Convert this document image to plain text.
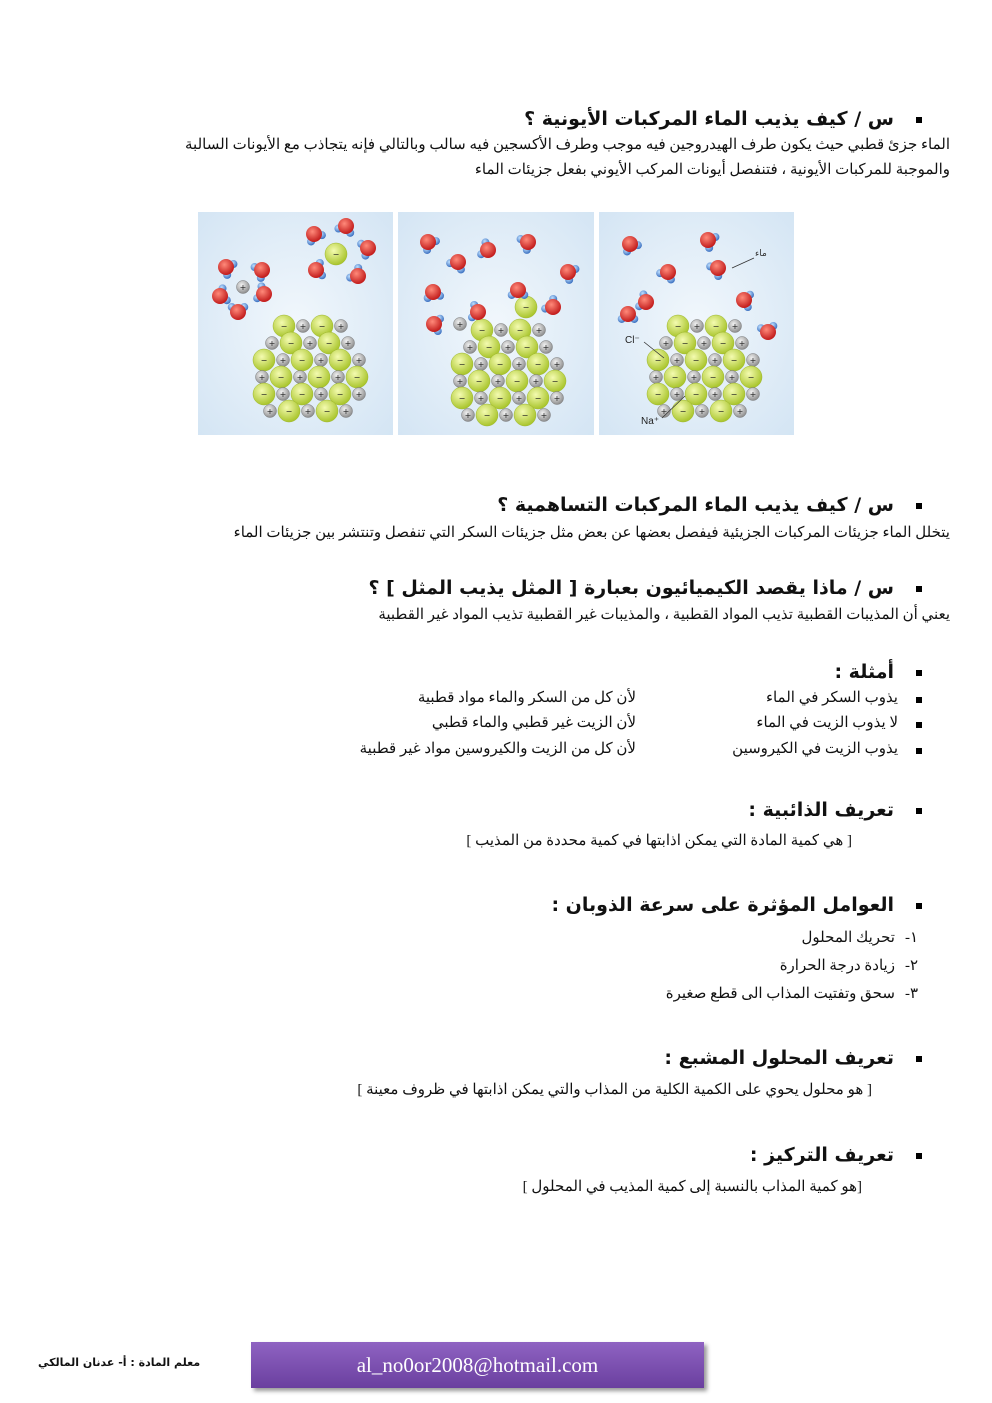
س / كيف يذيب الماء المركبات الأيونية ؟
الماء جزئ قطبي حيث يكون طرف الهيدروجين فيه موجب وطرف الأكسجين فيه سالب وبالتالي فإنه يتجاذب مع الأيونات السالبة
والموجبة للمركبات الأيونية ، فتنفصل أيونات المركب الأيوني بفعل جزيئات الماء
− + − +
+ − + − +
− + − + − +
+ − + − + −
− + − + − +
+ − + − +
− + − +
+ − + − +
− + − + − +
+ − + − + −
− + − + − +
+ − + − +
− + − +
+ − + − +
− + − + − +
+ − + − + −
− + − + − +
+ − + − +
+
−
+
−
ماء
Cl⁻
Na⁺
س / كيف يذيب الماء المركبات التساهمية ؟
يتخلل الماء جزيئات المركبات الجزيئية فيفصل بعضها عن بعض مثل جزيئات السكر التي تنفصل وتنتشر بين جزيئات الماء
س / ماذا يقصد الكيميائيون بعبارة [ المثل يذيب المثل ] ؟
يعني أن المذيبات القطبية تذيب المواد القطبية ، والمذيبات غير القطبية تذيب المواد غير القطبية
أمثلة :
يذوب السكر في الماء
لأن كل من السكر والماء مواد قطبية
لا يذوب الزيت في الماء
لأن الزيت غير قطبي والماء قطبي
يذوب الزيت في الكيروسين
لأن كل من الزيت والكيروسين مواد غير قطبية
تعريف الذائبية :
[ هي كمية المادة التي يمكن اذابتها في كمية محددة من المذيب ]
العوامل المؤثرة على سرعة الذوبان :
١-تحريك المحلول
٢-زيادة درجة الحرارة
٣-سحق وتفتيت المذاب الى قطع صغيرة
تعريف المحلول المشبع :
[ هو محلول يحوي على الكمية الكلية من المذاب والتي يمكن اذابتها في ظروف معينة ]
تعريف التركيز :
[هو كمية المذاب بالنسبة إلى كمية المذيب في المحلول ]
معلم المادة : أ- عدنان المالكي	al_no0or2008@hotmail.com
